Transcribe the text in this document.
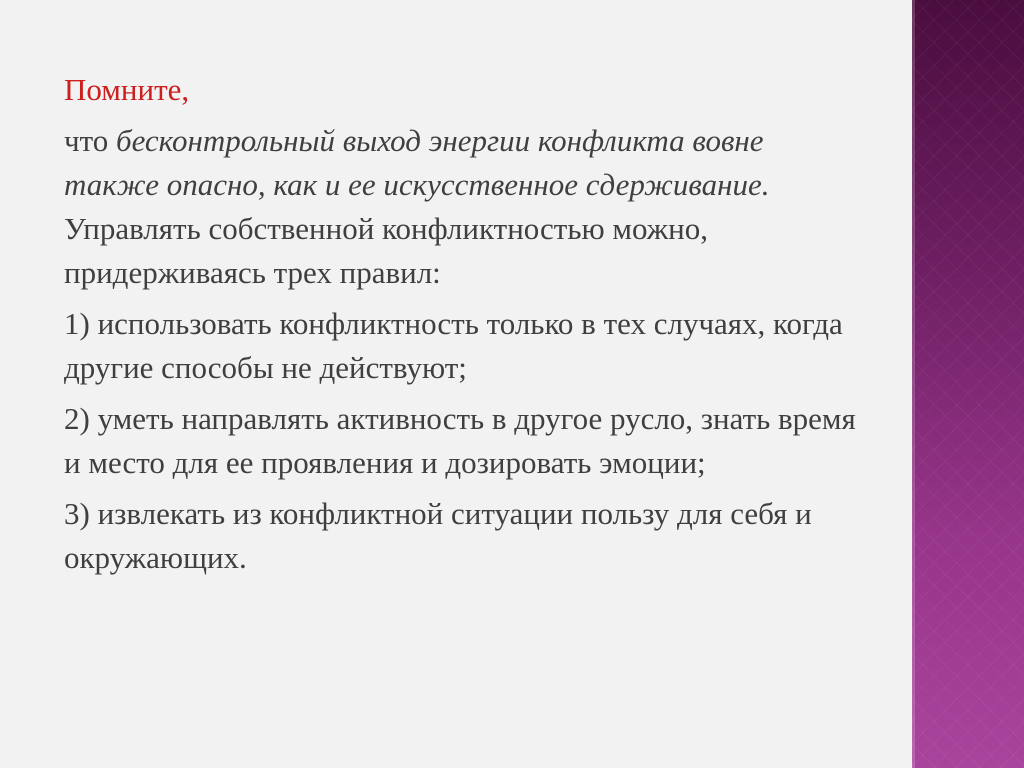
Помните,

что бесконтрольный выход энергии конфликта вовне также опасно, как и ее искусственное сдерживание. Управлять собственной конфликтностью можно, придерживаясь трех правил:

1) использовать конфликтность только в тех случаях, когда другие способы не действуют;

2) уметь направлять активность в другое русло, знать время и место для ее проявления и дозировать эмоции;

3) извлекать из конфликтной ситуации пользу для себя и окружающих.
